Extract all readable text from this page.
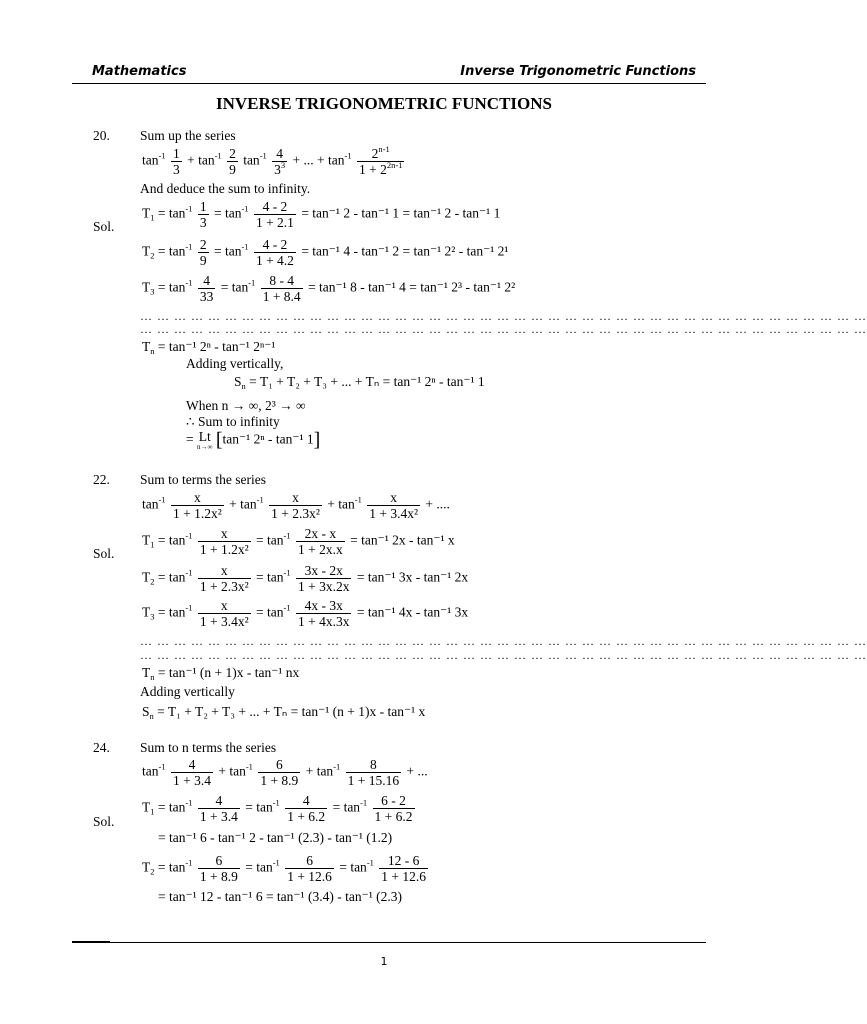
Mathematics	Inverse Trigonometric Functions
INVERSE TRIGONOMETRIC FUNCTIONS
20. Sum up the series
$\tan^{-1} \frac{1}{3} + \tan^{-1} \frac{2}{9} \tan^{-1} \frac{4}{3^3}$ + ... + $\tan^{-1} \frac{2^{n-1}}{1 + 2^{2n-1}}$
And deduce the sum to infinity.
Sol.
$T_1 = \tan^{-1} \frac{1}{3} = \tan^{-1} \frac{4 - 2}{1 + 2.1} = \tan^{-1}$ 2 - tan⁻¹ 1 = tan⁻¹ 2 - tan⁻¹ 1
$T_2 = \tan^{-1} \frac{2}{9} = \tan^{-1} \frac{4 - 2}{1 + 4.2} = \tan^{-1}$ 4 - tan⁻¹ 2 = tan⁻¹ 2² - tan⁻¹ 2¹
$T_3 = \tan^{-1} \frac{4}{33} = \tan^{-1} \frac{8 - 4}{1 + 8.4} = \tan^{-1}$ 8 - tan⁻¹ 4 = tan⁻¹ 2³ - tan⁻¹ 2²
… … … … … … … … … … … … … … … … … … … … … … … … … … … … … … … … … … … … … … … … … … …
… … … … … … … … … … … … … … … … … … … … … … … … … … … … … … … … … … … … … … … … … … …
$T_n = \tan^{-1}$ 2ⁿ - tan⁻¹ 2ⁿ⁻¹
Adding vertically,
$S_n = T_1 + T_2 + T_3$ + ... + Tₙ = tan⁻¹ 2ⁿ - tan⁻¹ 1
When n → ∞, 2³ → ∞
∴ Sum to infinity
= Lt
n→∞ [tan⁻¹ 2ⁿ - tan⁻¹ 1]
22. Sum to terms the series
$\tan^{-1} \frac{x}{\text{1 + 1.2x²}} + \tan^{-1} \frac{x}{\text{1 + 2.3x²}} + \tan^{-1} \frac{x}{\text{1 + 3.4x²}}$ + ....
Sol.
$T_1 = \tan^{-1} \frac{x}{\text{1 + 1.2x²}} = \tan^{-1} \frac{2x - x}{1 + 2x.x} = \tan^{-1}$ 2x - tan⁻¹ x
$T_2 = \tan^{-1} \frac{x}{\text{1 + 2.3x²}} = \tan^{-1} \frac{3x - 2x}{1 + 3x.2x} = \tan^{-1}$ 3x - tan⁻¹ 2x
$T_3 = \tan^{-1} \frac{x}{\text{1 + 3.4x²}} = \tan^{-1} \frac{4x - 3x}{1 + 4x.3x} = \tan^{-1}$ 4x - tan⁻¹ 3x
… … … … … … … … … … … … … … … … … … … … … … … … … … … … … … … … … … … … … … … … … … …
… … … … … … … … … … … … … … … … … … … … … … … … … … … … … … … … … … … … … … … … … … …
$T_n = \tan^{-1}$ (n + 1)x - tan⁻¹ nx
Adding vertically
$S_n = T_1 + T_2 + T_3$ + ... + Tₙ = tan⁻¹ (n + 1)x - tan⁻¹ x
24. Sum to n terms the series
$\tan^{-1} \frac{4}{1 + 3.4} + \tan^{-1} \frac{6}{1 + 8.9} + \tan^{-1} \frac{8}{1 + 15.16}$ + ...
Sol.
$T_1 = \tan^{-1} \frac{4}{1 + 3.4} = \tan^{-1} \frac{4}{1 + 6.2} = \tan^{-1} \frac{6 - 2}{1 + 6.2}$
= tan⁻¹ 6 - tan⁻¹ 2 - tan⁻¹ (2.3) - tan⁻¹ (1.2)
$T_2 = \tan^{-1} \frac{6}{1 + 8.9} = \tan^{-1} \frac{6}{1 + 12.6} = \tan^{-1} \frac{12 - 6}{1 + 12.6}$
= tan⁻¹ 12 - tan⁻¹ 6 = tan⁻¹ (3.4) - tan⁻¹ (2.3)
1
